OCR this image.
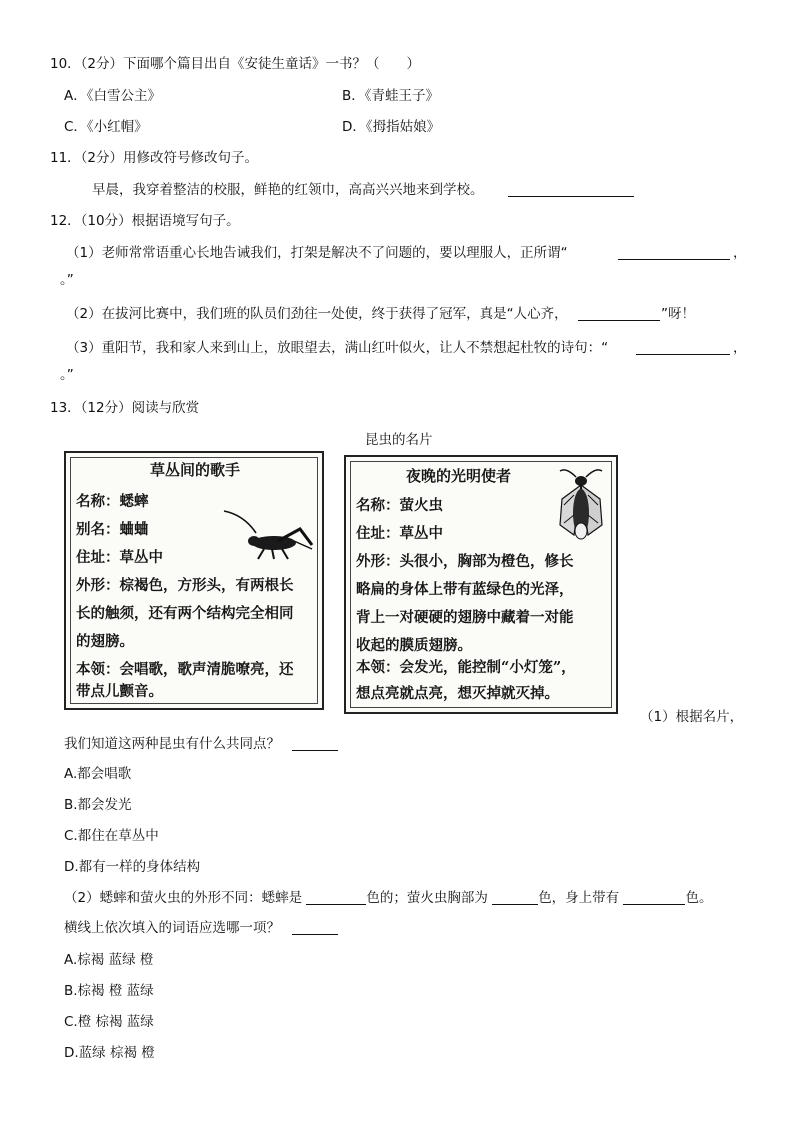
10．（2分）下面哪个篇目出自《安徒生童话》一书？（　　）
A．《白雪公主》	B．《青蛙王子》
C．《小红帽》	D．《拇指姑娘》
11．（2分）用修改符号修改句子。
早晨，我穿着整洁的校服，鲜艳的红领巾，高高兴兴地来到学校。
12．（10分）根据语境写句子。
（1）老师常常语重心长地告诫我们，打架是解决不了问题的，要以理服人，正所谓“	，
。”
（2）在拔河比赛中，我们班的队员们劲往一处使，终于获得了冠军，真是“人心齐，	”呀！
（3）重阳节，我和家人来到山上，放眼望去，满山红叶似火，让人不禁想起杜牧的诗句：“	，
。”
13．（12分）阅读与欣赏
昆虫的名片
草丛间的歌手
名称：蟋蟀
别名：蛐蛐
住址：草丛中
外形：棕褐色，方形头，有两根长
长的触须，还有两个结构完全相同
的翅膀。
本领：会唱歌，歌声清脆嘹亮，还
带点儿颤音。
夜晚的光明使者
名称：萤火虫
住址：草丛中
外形：头很小，胸部为橙色，修长
略扁的身体上带有蓝绿色的光泽，
背上一对硬硬的翅膀中藏着一对能
收起的膜质翅膀。
本领：会发光，能控制“小灯笼”，
想点亮就点亮，想灭掉就灭掉。
（1）根据名片，
我们知道这两种昆虫有什么共同点？
A.都会唱歌
B.都会发光
C.都住在草丛中
D.都有一样的身体结构
（2）蟋蟀和萤火虫的外形不同：蟋蟀是	色的；萤火虫胸部为	色，身上带有	色。
横线上依次填入的词语应选哪一项？
A.棕褐 蓝绿 橙
B.棕褐 橙 蓝绿
C.橙 棕褐 蓝绿
D.蓝绿 棕褐 橙
